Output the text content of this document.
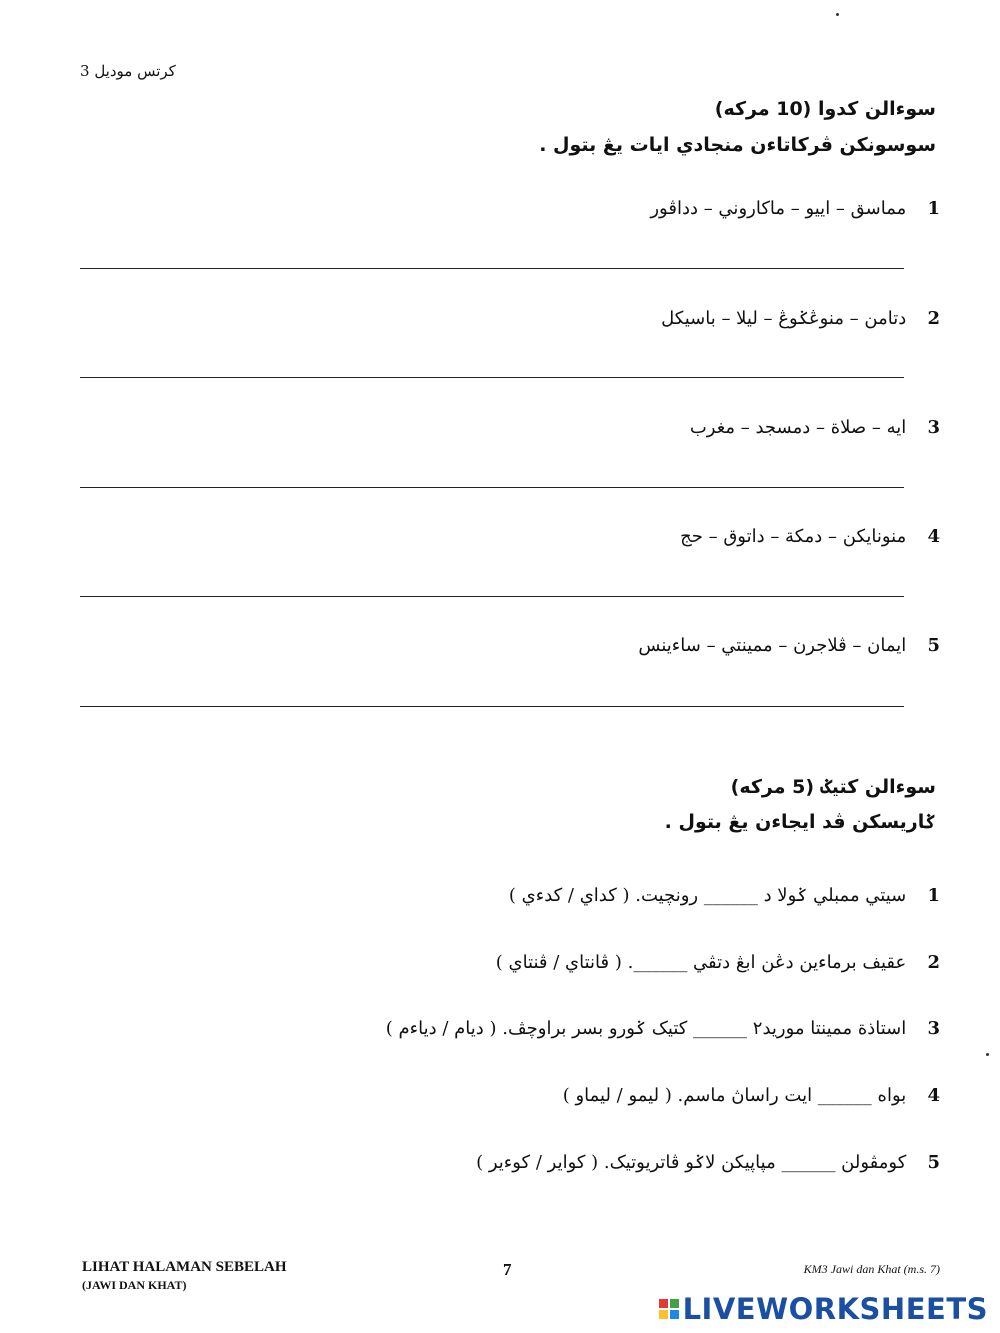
كرتس موديل 3
سوءالن كدوا (10 مركه)
سوسونكن ڤركاتاءن منجادي ايات يڠ بتول .
1 مماسق – اييو – ماكاروني – دداڤور
2 دتامن – منوڠݢوڠ – ليلا – باسيكل
3 ايه – صلاة – دمسجد – مغرب
4 منونايكن – دمكة – داتوق – حج
5 ايمان – ڤلاجرن – ممينتي – ساءينس
سوءالن كتيݢ (5 مركه)
ݢاريسكن ڤد ايجاءن يڠ بتول .
1 سيتي ممبلي ݢولا د ______ رونچيت. ( كداي / كدءي )
2 عقيف برماءين دڠن ابڠ دتڤي ______. ( ڤانتاي / ڤنتاي )
3 استاذة ممينتا موريد٢ ______ كتيک ݢورو بسر براوچڤ. ( ديام / دياءم )
4 بواه ______ ايت راساڽ ماسم. ( ليمو / ليماو )
5 كومڤولن ______ مپاپيكن لاݢو ڤاتريوتيک. ( كواير / كوءير )
LIHAT HALAMAN SEBELAH
(JAWI DAN KHAT)
7	KM3 Jawi dan Khat (m.s. 7)
LIVEWORKSHEETS
